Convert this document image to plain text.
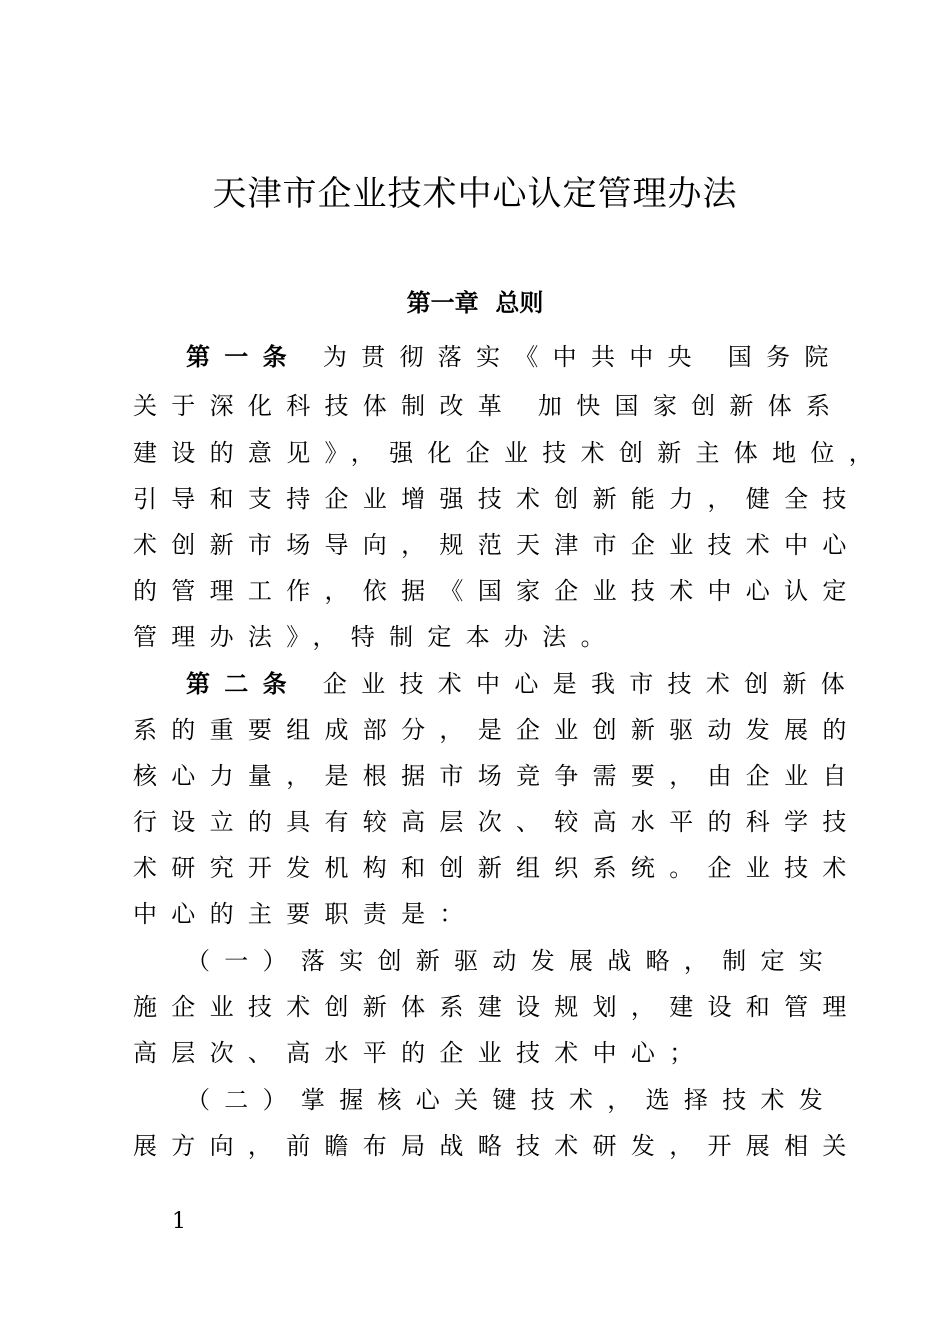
天津市企业技术中心认定管理办法
第一章  总则

第一条 为贯彻落实《中共中央 国务院

关于深化科技体制改革 加快国家创新体系

建设的意见》，强化企业技术创新主体地位，

引导和支持企业增强技术创新能力，健全技

术创新市场导向，规范天津市企业技术中心

的管理工作，依据《国家企业技术中心认定

管理办法》，特制定本办法。

第二条 企业技术中心是我市技术创新体

系的重要组成部分，是企业创新驱动发展的

核心力量，是根据市场竞争需要，由企业自

行设立的具有较高层次、较高水平的科学技

术研究开发机构和创新组织系统。企业技术

中心的主要职责是：

（一）落实创新驱动发展战略，制定实

施企业技术创新体系建设规划，建设和管理

高层次、高水平的企业技术中心；

（二）掌握核心关键技术，选择技术发

展方向，前瞻布局战略技术研发，开展相关

1
